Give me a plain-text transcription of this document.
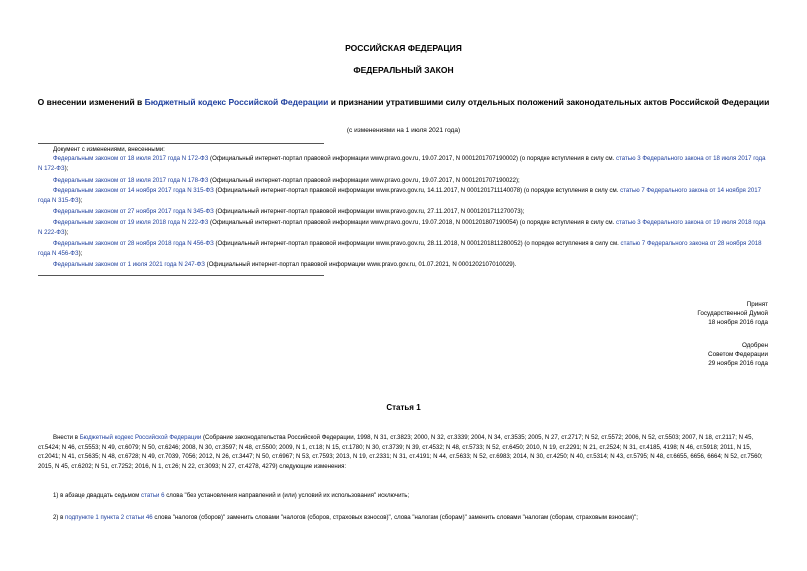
РОССИЙСКАЯ ФЕДЕРАЦИЯ
ФЕДЕРАЛЬНЫЙ ЗАКОН
О внесении изменений в Бюджетный кодекс Российской Федерации и признании утратившими силу отдельных положений законодательных актов Российской Федерации
(с изменениями на 1 июля 2021 года)
Документ с изменениями, внесенными:
Федеральным законом от 18 июля 2017 года N 172-ФЗ (Официальный интернет-портал правовой информации www.pravo.gov.ru, 19.07.2017, N 0001201707190002) (о порядке вступления в силу см. статью 3 Федерального закона от 18 июля 2017 года N 172-ФЗ);
Федеральным законом от 18 июля 2017 года N 178-ФЗ (Официальный интернет-портал правовой информации www.pravo.gov.ru, 19.07.2017, N 0001201707190022);
Федеральным законом от 14 ноября 2017 года N 315-ФЗ (Официальный интернет-портал правовой информации www.pravo.gov.ru, 14.11.2017, N 0001201711140078) (о порядке вступления в силу см. статью 7 Федерального закона от 14 ноября 2017 года N 315-ФЗ);
Федеральным законом от 27 ноября 2017 года N 345-ФЗ (Официальный интернет-портал правовой информации www.pravo.gov.ru, 27.11.2017, N 0001201711270073);
Федеральным законом от 19 июля 2018 года N 222-ФЗ (Официальный интернет-портал правовой информации www.pravo.gov.ru, 19.07.2018, N 0001201807190054) (о порядке вступления в силу см. статью 3 Федерального закона от 19 июля 2018 года N 222-ФЗ);
Федеральным законом от 28 ноября 2018 года N 456-ФЗ (Официальный интернет-портал правовой информации www.pravo.gov.ru, 28.11.2018, N 0001201811280052) (о порядке вступления в силу см. статью 7 Федерального закона от 28 ноября 2018 года N 456-ФЗ);
Федеральным законом от 1 июля 2021 года N 247-ФЗ (Официальный интернет-портал правовой информации www.pravo.gov.ru, 01.07.2021, N 0001202107010029).
Принят
Государственной Думой
18 ноября 2016 года
Одобрен
Советом Федерации
29 ноября 2016 года
Статья 1
Внести в Бюджетный кодекс Российской Федерации (Собрание законодательства Российской Федерации, 1998, N 31, ст.3823; 2000, N 32, ст.3339; 2004, N 34, ст.3535; 2005, N 27, ст.2717; N 52, ст.5572; 2006, N 52, ст.5503; 2007, N 18, ст.2117; N 45, ст.5424; N 46, ст.5553; N 49, ст.6079; N 50, ст.6246; 2008, N 30, ст.3597; N 48, ст.5500; 2009, N 1, ст.18; N 15, ст.1780; N 30, ст.3739; N 39, ст.4532; N 48, ст.5733; N 52, ст.6450; 2010, N 19, ст.2291; N 21, ст.2524; N 31, ст.4185, 4198; N 46, ст.5918; 2011, N 15, ст.2041; N 41, ст.5635; N 48, ст.6728; N 49, ст.7039, 7056; 2012, N 26, ст.3447; N 50, ст.6967; N 53, ст.7593; 2013, N 19, ст.2331; N 31, ст.4191; N 44, ст.5633; N 52, ст.6983; 2014, N 30, ст.4250; N 40, ст.5314; N 43, ст.5795; N 48, ст.6655, 6656, 6664; N 52, ст.7560; 2015, N 45, ст.6202; N 51, ст.7252; 2016, N 1, ст.26; N 22, ст.3093; N 27, ст.4278, 4279) следующие изменения:
1) в абзаце двадцать седьмом статьи 6 слова "без установления направлений и (или) условий их использования" исключить;
2) в подпункте 1 пункта 2 статьи 46 слова "налогов (сборов)" заменить словами "налогов (сборов, страховых взносов)", слова "налогам (сборам)" заменить словами "налогам (сборам, страховым взносам)";
